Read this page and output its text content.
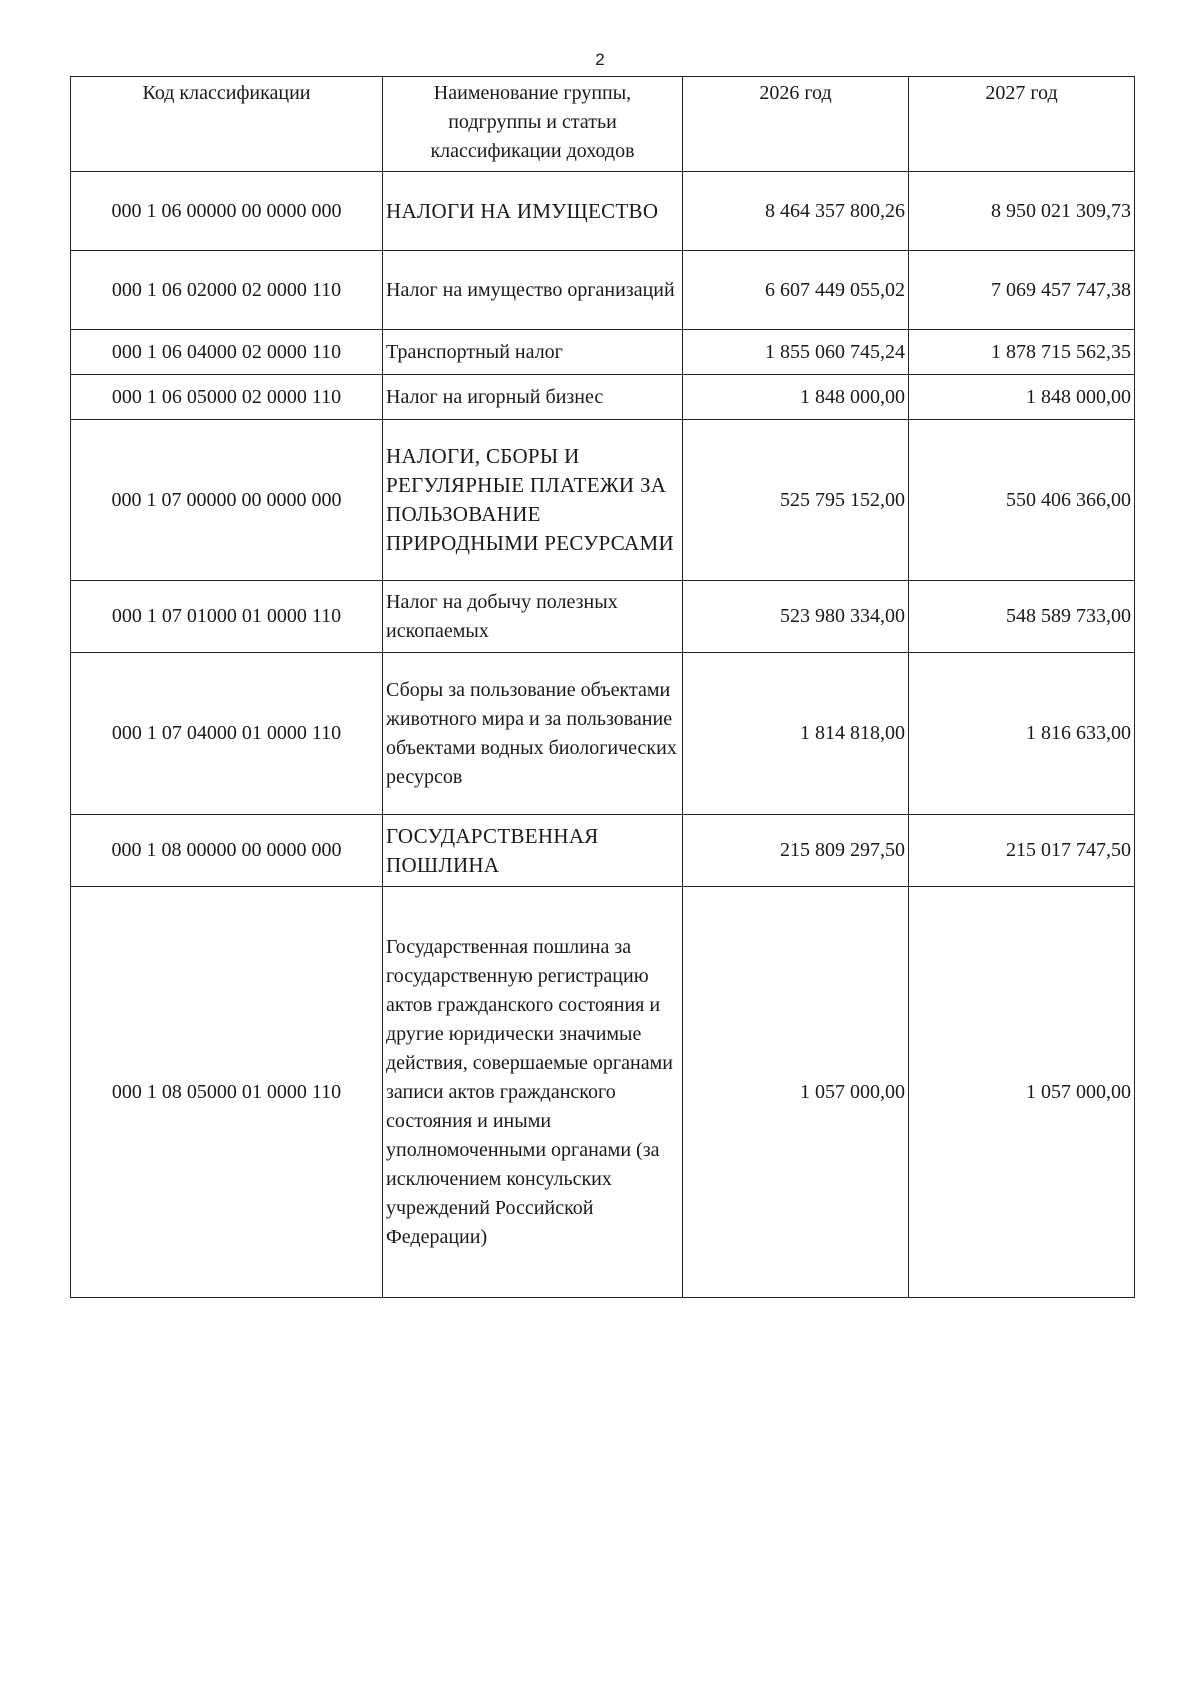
2
Код классификации	Наименование группы, подгруппы и статьи классификации доходов	2026 год	2027 год
000 1 06 00000 00 0000 000	НАЛОГИ НА ИМУЩЕСТВО	8 464 357 800,26	8 950 021 309,73
000 1 06 02000 02 0000 110	Налог на имущество организаций	6 607 449 055,02	7 069 457 747,38
000 1 06 04000 02 0000 110	Транспортный налог	1 855 060 745,24	1 878 715 562,35
000 1 06 05000 02 0000 110	Налог на игорный бизнес	1 848 000,00	1 848 000,00
000 1 07 00000 00 0000 000	НАЛОГИ, СБОРЫ И РЕГУЛЯРНЫЕ ПЛАТЕЖИ ЗА ПОЛЬЗОВАНИЕ ПРИРОДНЫМИ РЕСУРСАМИ	525 795 152,00	550 406 366,00
000 1 07 01000 01 0000 110	Налог на добычу полезных ископаемых	523 980 334,00	548 589 733,00
000 1 07 04000 01 0000 110	Сборы за пользование объектами животного мира и за пользование объектами водных биологических ресурсов	1 814 818,00	1 816 633,00
000 1 08 00000 00 0000 000	ГОСУДАРСТВЕННАЯ ПОШЛИНА	215 809 297,50	215 017 747,50
000 1 08 05000 01 0000 110	Государственная пошлина за государственную регистрацию актов гражданского состояния и другие юридически значимые действия, совершаемые органами записи актов гражданского состояния и иными уполномоченными органами (за исключением консульских учреждений Российской Федерации)	1 057 000,00	1 057 000,00
